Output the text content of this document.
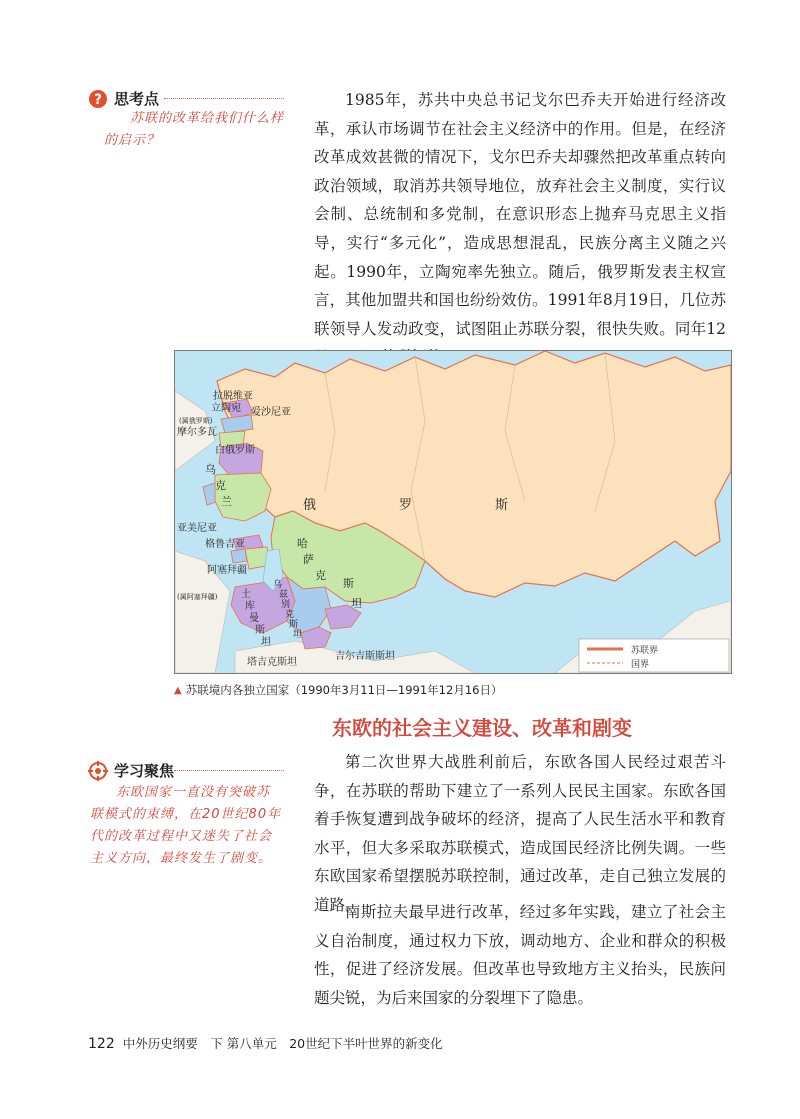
? 思考点
苏联的改革给我们什么样的启示？

1985年，苏共中央总书记戈尔巴乔夫开始进行经济改革，承认市场调节在社会主义经济中的作用。但是，在经济改革成效甚微的情况下，戈尔巴乔夫却骤然把改革重点转向政治领域，取消苏共领导地位，放弃社会主义制度，实行议会制、总统制和多党制，在意识形态上抛弃马克思主义指导，实行“多元化”，造成思想混乱，民族分离主义随之兴起。1990年，立陶宛率先独立。随后，俄罗斯发表主权宣言，其他加盟共和国也纷纷效仿。1991年8月19日，几位苏联领导人发动政变，试图阻止苏联分裂，很快失败。同年12

拉脱维亚
立陶宛 爱沙尼亚
(属俄罗斯)
摩尔多瓦
白俄罗斯
乌
克
兰	俄	罗	斯
亚美尼亚
格鲁吉亚
阿塞拜疆
(属阿塞拜疆)
哈
萨
克
斯
坦
乌
兹
别
克
斯
坦
土
库
曼
斯
坦
塔吉克斯坦
吉尔吉斯斯坦	苏联界
国界
▲ 苏联境内各独立国家（1990年3月11日—1991年12月16日）
东欧的社会主义建设、改革和剧变
学习聚焦
东欧国家一直没有突破苏联模式的束缚，在20世纪80年代的改革过程中又迷失了社会主义方向，最终发生了剧变。

第二次世界大战胜利前后，东欧各国人民经过艰苦斗争，在苏联的帮助下建立了一系列人民民主国家。东欧各国着手恢复遭到战争破坏的经济，提高了人民生活水平和教育水平，但大多采取苏联模式，造成国民经济比例失调。一些东欧国家希望摆脱苏联控制，通过改革，走自己独立发展的道路。

南斯拉夫最早进行改革，经过多年实践，建立了社会主义自治制度，通过权力下放，调动地方、企业和群众的积极性，促进了经济发展。但改革也导致地方主义抬头，民族问题尖锐，为后来国家的分裂埋下了隐患。

122 中外历史纲要　下 第八单元　20世纪下半叶世界的新变化
